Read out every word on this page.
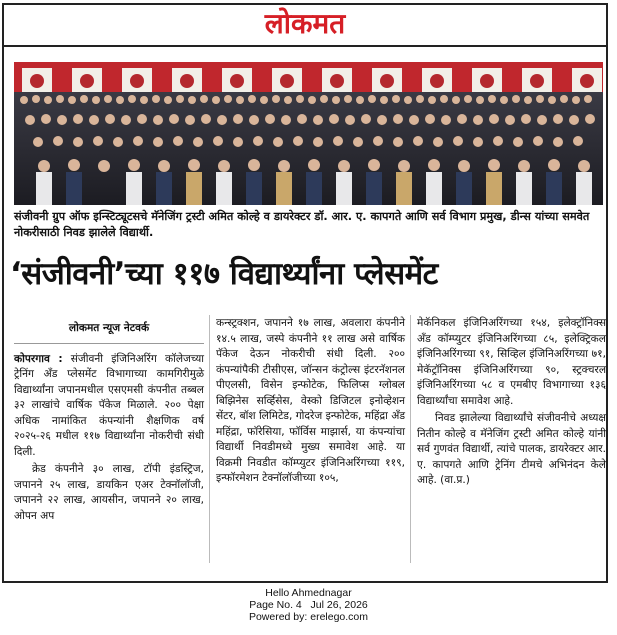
लोकमत
संजीवनी ग्रुप ऑफ इन्स्टिट्यूटसचे मॅनेजिंग ट्रस्टी अमित कोल्हे व डायरेक्टर डॉ. आर. ए. कापगते आणि सर्व विभाग प्रमुख, डीन्स यांच्या समवेत नोकरीसाठी निवड झालेले विद्यार्थी.
‘संजीवनी’च्या ११७ विद्यार्थ्यांना प्लेसमेंट
लोकमत न्यूज नेटवर्क

कोपरगाव : संजीवनी इंजिनिअरिंग कॉलेजच्या ट्रेनिंग अँड प्लेसमेंट विभागाच्या कामगिरीमुळे विद्यार्थ्यांना जपानमधील एसएमसी कंपनीत तब्बल ३२ लाखांचे वार्षिक पॅकेज मिळाले. २०० पेक्षा अधिक नामांकित कंपन्यांनी शैक्षणिक वर्ष २०२५-२६ मधील ११७ विद्यार्थ्यांना नोकरीची संधी दिली.

क्रेड कंपनीने ३० लाख, टॉपी इंडस्ट्रिज, जपानने २५ लाख, डायकिन एअर टेक्नॉलॉजी, जपानने २२ लाख, आयसीन, जपानने २० लाख, ओपन अप

कन्स्ट्रक्शन, जपानने १७ लाख, अवलारा कंपनीने १४.५ लाख, जस्पे कंपनीने ११ लाख असे वार्षिक पॅकेज देऊन नोकरीची संधी दिली. २०० कंपन्यांपैकी टीसीएस, जॉन्सन कंट्रोल्स इंटरनॅशनल पीएलसी, विसेन इन्फोटेक, फिलिप्स ग्लोबल बिझिनेस सर्व्हिसेस, वेस्को डिजिटल इनोव्हेशन सेंटर, बॉश लिमिटेड, गोदरेज इन्फोटेक, महिंद्रा अँड महिंद्रा, फॉरेसिया, फॉर्विस माझार्स, या कंपन्यांचा विद्यार्थी निवडीमध्ये मुख्य समावेश आहे. या विक्रमी निवडीत कॉम्प्युटर इंजिनिअरिंगच्या ११९, इन्फॉरमेशन टेक्नॉलॉजीच्या १०५,

मेकॅनिकल इंजिनिअरिंगच्या १५४, इलेक्ट्रॉनिक्स अँड कॉम्प्युटर इंजिनिअरिंगच्या ८५, इलेक्ट्रिकल इंजिनिअरिंगच्या ९१, सिव्हिल इंजिनिअरिंगच्या ७१, मेकॅट्रॉनिक्स इंजिनिअरिंगच्या ९०, स्ट्रक्चरल इंजिनिअरिंगच्या ५८ व एमबीए विभागाच्या १३६ विद्यार्थ्यांचा समावेश आहे.

निवड झालेल्या विद्यार्थ्यांचे संजीवनीचे अध्यक्ष नितीन कोल्हे व मॅनेजिंग ट्रस्टी अमित कोल्हे यांनी सर्व गुणवंत विद्यार्थी, त्यांचे पालक, डायरेक्टर आर. ए. कापगते आणि ट्रेनिंग टीमचे अभिनंदन केले आहे. (वा.प्र.)

Hello Ahmednagar
Page No. 4 Jul 26, 2026
Powered by: erelego.com
